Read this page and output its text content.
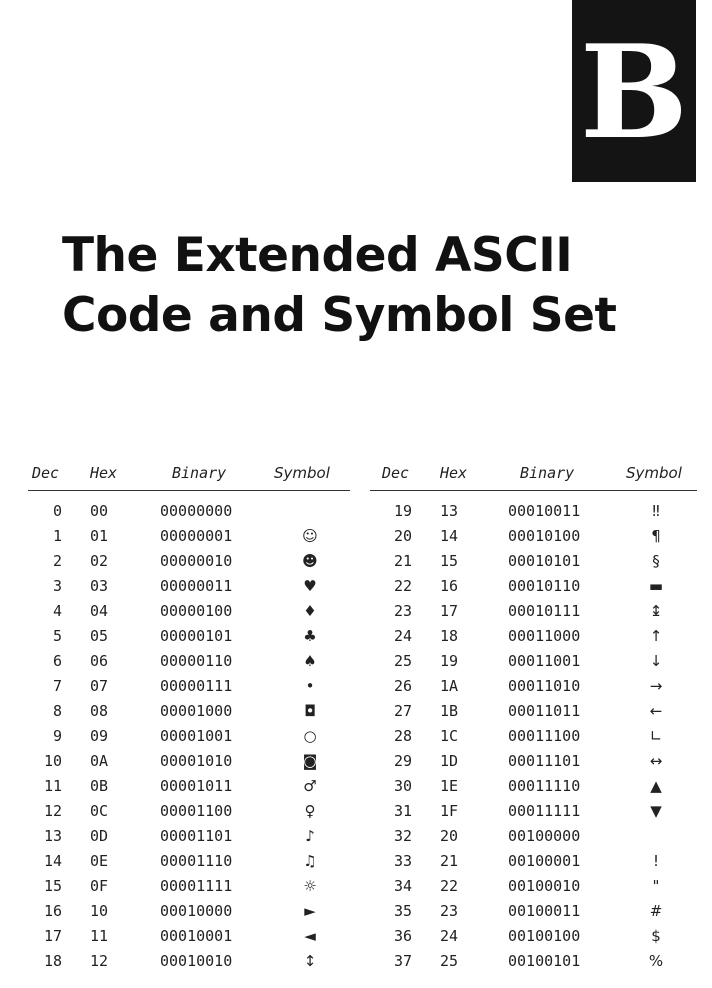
B
The Extended ASCII
Code and Symbol Set
Dec Hex	Binary	Symbol
0 00	00000000
1 01	00000001	☺
2 02	00000010	☻
3 03	00000011	♥
4 04	00000100	♦
5 05	00000101	♣
6 06	00000110	♠
7 07	00000111	•
8 08	00001000	◘
9 09	00001001	○
10 0A	00001010	◙
11 0B	00001011	♂
12 0C	00001100	♀
13 0D	00001101	♪
14 0E	00001110	♫
15 0F	00001111	☼
16 10	00010000	►
17 11	00010001	◄
18 12	00010010	↕
Dec Hex	Binary	Symbol
19 13	00010011	‼
20 14	00010100	¶
21 15	00010101	§
22 16	00010110	▬
23 17	00010111	↨
24 18	00011000	↑
25 19	00011001	↓
26 1A	00011010	→
27 1B	00011011	←
28 1C	00011100	∟
29 1D	00011101	↔
30 1E	00011110	▲
31 1F	00011111	▼
32 20	00100000
33 21	00100001	!
34 22	00100010	"
35 23	00100011	#
36 24	00100100	$
37 25	00100101	%
